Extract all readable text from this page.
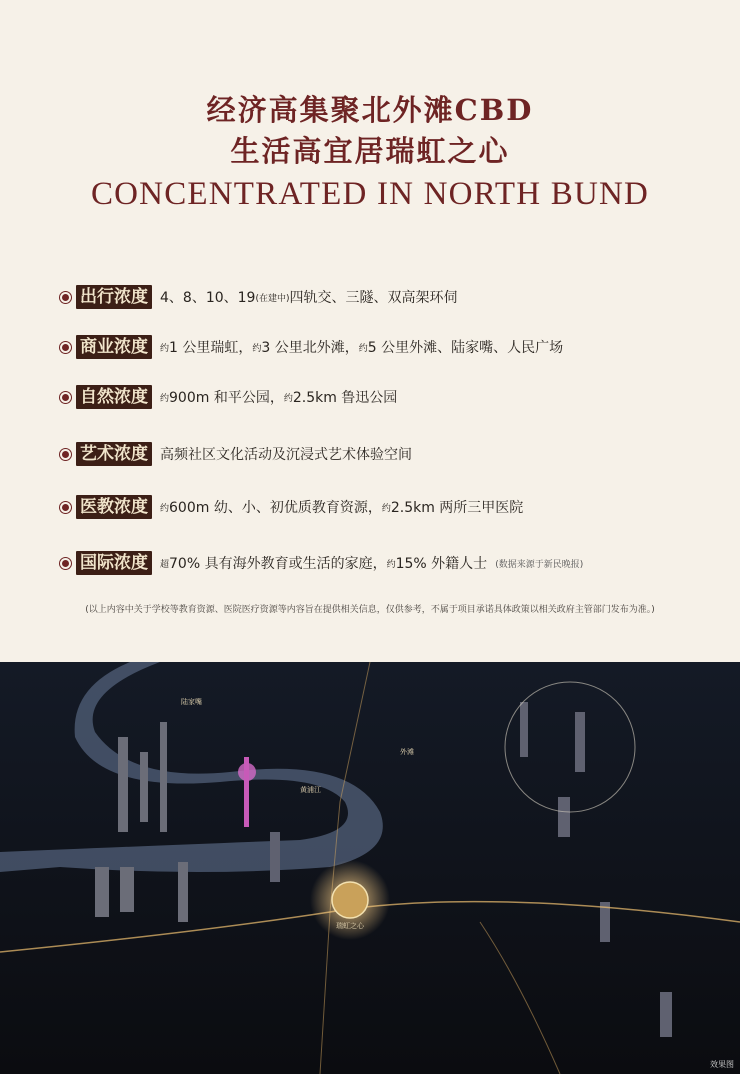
经济高集聚北外滩CBD
生活高宜居瑞虹之心
CONCENTRATED IN NORTH BUND
出行浓度 4、8、10、19 (在建中) 四轨交、三隧、双高架环伺
商业浓度	约 1 公里瑞虹， 约 3 公里北外滩， 约 5 公里外滩、陆家嘴、人民广场
自然浓度	约 900m 和平公园， 约 2.5km 鲁迅公园
艺术浓度 高频社区文化活动及沉浸式艺术体验空间
医教浓度	约 600m 幼、小、初优质教育资源， 约 2.5km 两所三甲医院
国际浓度	超 70% 具有海外教育或生活的家庭， 约 15% 外籍人士 (数据来源于新民晚报)
(以上内容中关于学校等教育资源、医院医疗资源等内容旨在提供相关信息，仅供参考，不属于项目承诺具体政策以相关政府主管部门发布为准。)
陆家嘴
外滩
黄浦江
瑞虹之心
效果图
